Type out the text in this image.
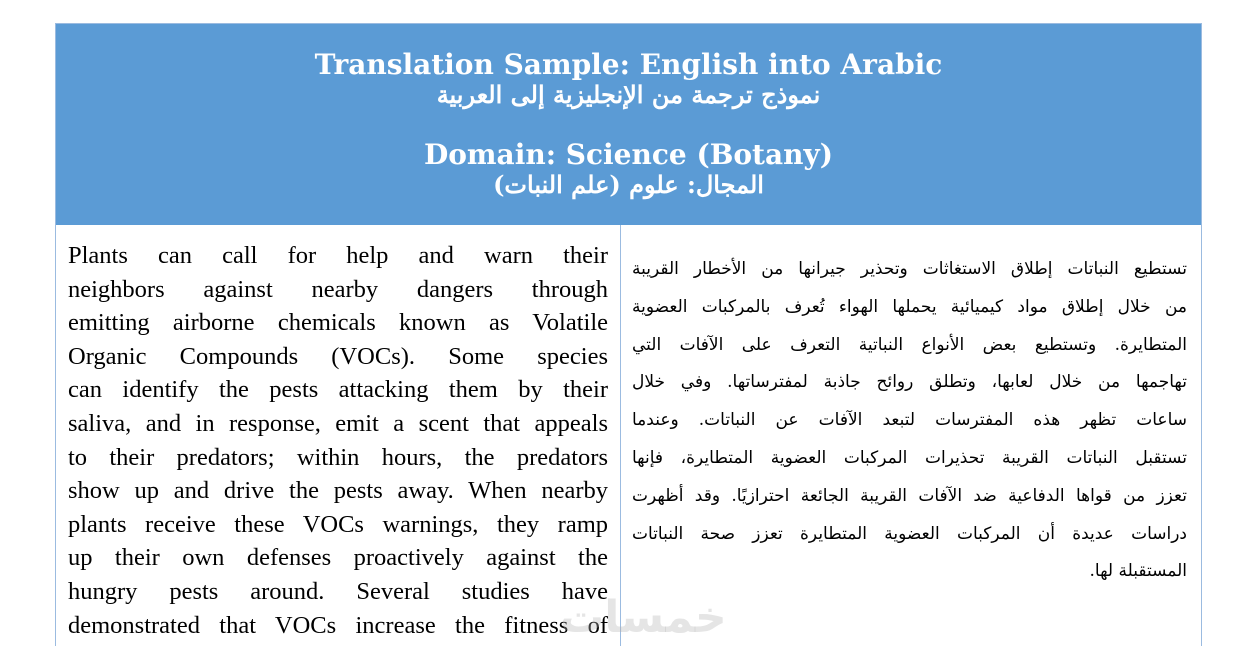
Translation Sample: English into Arabic
نموذج ترجمة من الإنجليزية إلى العربية
Domain: Science (Botany)
المجال: علوم (علم النبات)

Plants can call for help and warn their
neighbors against nearby dangers through
emitting airborne chemicals known as Volatile
Organic Compounds (VOCs). Some species
can identify the pests attacking them by their
saliva, and in response, emit a scent that appeals
to their predators; within hours, the predators
show up and drive the pests away. When nearby
plants receive these VOCs warnings, they ramp
up their own defenses proactively against the
hungry pests around. Several studies have
demonstrated that VOCs increase the fitness of

تستطيع النباتات إطلاق الاستغاثات وتحذير جيرانها من الأخطار القريبة
من خلال إطلاق مواد كيميائية يحملها الهواء تُعرف بالمركبات العضوية
المتطايرة. وتستطيع بعض الأنواع النباتية التعرف على الآفات التي
تهاجمها من خلال لعابها، وتطلق روائح جاذبة لمفترساتها. وفي خلال
ساعات تظهر هذه المفترسات لتبعد الآفات عن النباتات. وعندما
تستقبل النباتات القريبة تحذيرات المركبات العضوية المتطايرة، فإنها
تعزز من قواها الدفاعية ضد الآفات القريبة الجائعة احترازيًا. وقد أظهرت
دراسات عديدة أن المركبات العضوية المتطايرة تعزز صحة النباتات
المستقبلة لها.

خمسات
